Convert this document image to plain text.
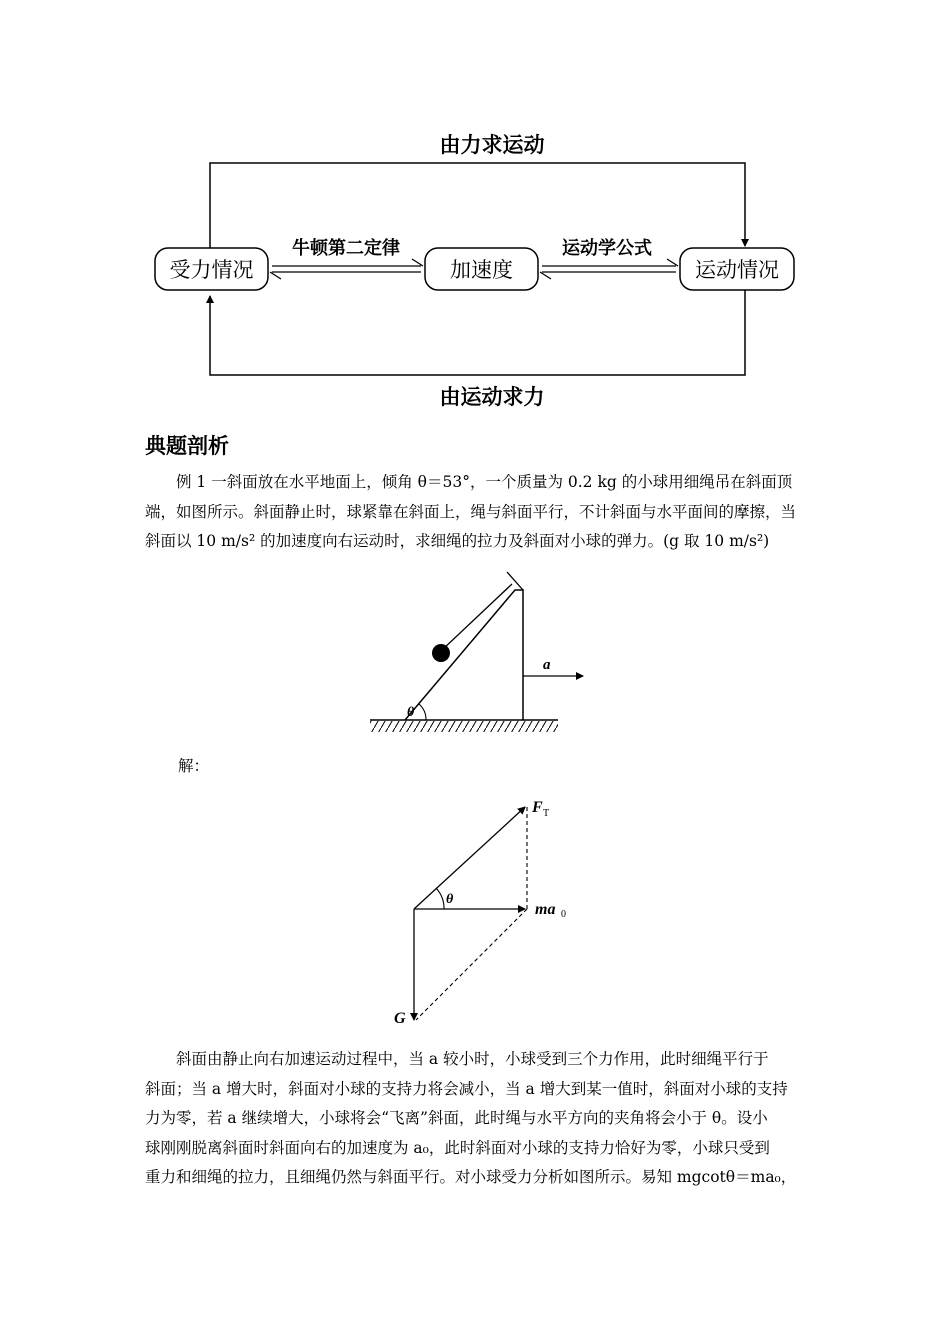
由力求运动
由运动求力
受力情况	加速度	运动情况
牛顿第二定律	运动学公式
典题剖析

例 1 一斜面放在水平地面上，倾角 θ＝53°，一个质量为 0.2 kg 的小球用细绳吊在斜面顶

端，如图所示。斜面静止时，球紧靠在斜面上，绳与斜面平行，不计斜面与水平面间的摩擦，当

斜面以 10 m/s² 的加速度向右运动时，求细绳的拉力及斜面对小球的弹力。(g 取 10 m/s²)

θ
a
解：
θ
F T
ma 0
G

斜面由静止向右加速运动过程中，当 a 较小时，小球受到三个力作用，此时细绳平行于

斜面；当 a 增大时，斜面对小球的支持力将会减小，当 a 增大到某一值时，斜面对小球的支持

力为零，若 a 继续增大，小球将会“飞离”斜面，此时绳与水平方向的夹角将会小于 θ。设小

球刚刚脱离斜面时斜面向右的加速度为 a₀，此时斜面对小球的支持力恰好为零，小球只受到

重力和细绳的拉力，且细绳仍然与斜面平行。对小球受力分析如图所示。易知 mgcotθ＝ma₀，
